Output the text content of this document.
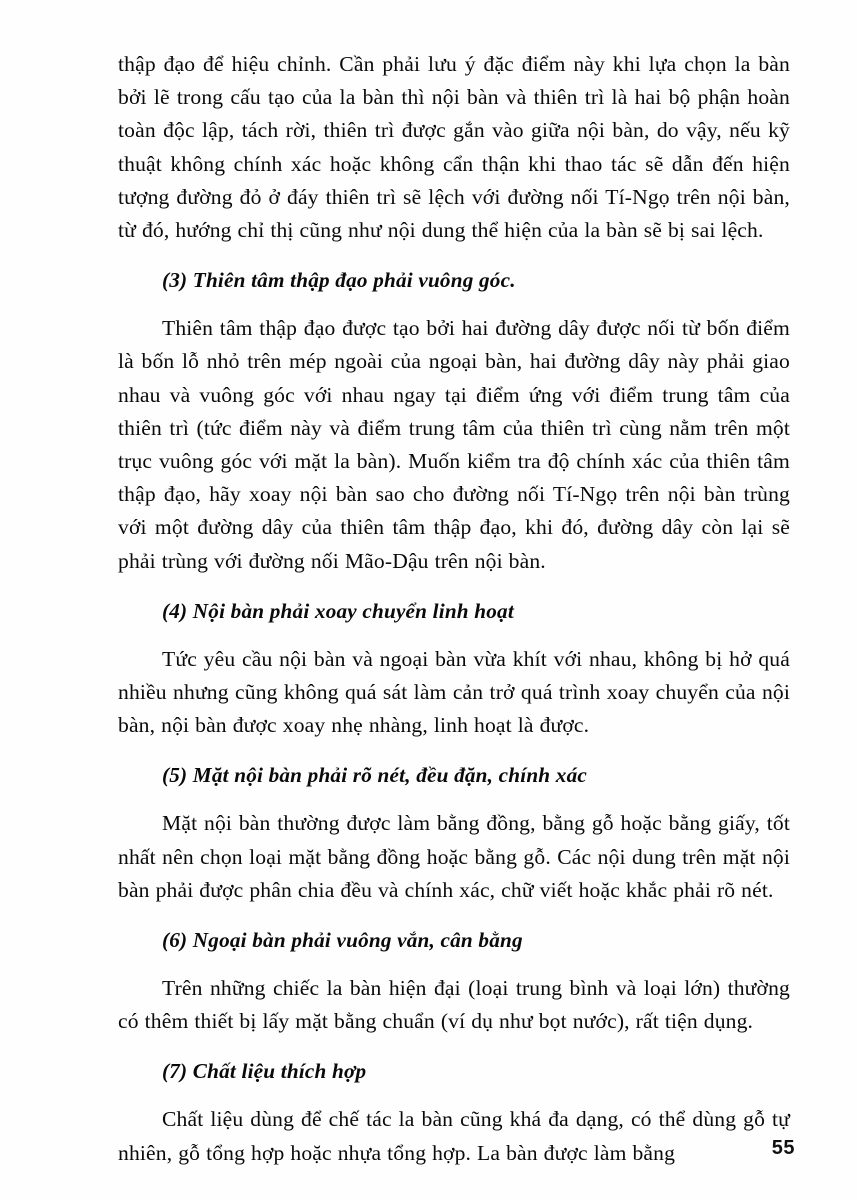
thập đạo để hiệu chỉnh. Cần phải lưu ý đặc điểm này khi lựa chọn la bàn bởi lẽ trong cấu tạo của la bàn thì nội bàn và thiên trì là hai bộ phận hoàn toàn độc lập, tách rời, thiên trì được gắn vào giữa nội bàn, do vậy, nếu kỹ thuật không chính xác hoặc không cẩn thận khi thao tác sẽ dẫn đến hiện tượng đường đỏ ở đáy thiên trì sẽ lệch với đường nối Tí-Ngọ trên nội bàn, từ đó, hướng chỉ thị cũng như nội dung thể hiện của la bàn sẽ bị sai lệch.

(3) Thiên tâm thập đạo phải vuông góc.

Thiên tâm thập đạo được tạo bởi hai đường dây được nối từ bốn điểm là bốn lỗ nhỏ trên mép ngoài của ngoại bàn, hai đường dây này phải giao nhau và vuông góc với nhau ngay tại điểm ứng với điểm trung tâm của thiên trì (tức điểm này và điểm trung tâm của thiên trì cùng nằm trên một trục vuông góc với mặt la bàn). Muốn kiểm tra độ chính xác của thiên tâm thập đạo, hãy xoay nội bàn sao cho đường nối Tí-Ngọ trên nội bàn trùng với một đường dây của thiên tâm thập đạo, khi đó, đường dây còn lại sẽ phải trùng với đường nối Mão-Dậu trên nội bàn.

(4) Nội bàn phải xoay chuyển linh hoạt

Tức yêu cầu nội bàn và ngoại bàn vừa khít với nhau, không bị hở quá nhiều nhưng cũng không quá sát làm cản trở quá trình xoay chuyển của nội bàn, nội bàn được xoay nhẹ nhàng, linh hoạt là được.

(5) Mặt nội bàn phải rõ nét, đều đặn, chính xác

Mặt nội bàn thường được làm bằng đồng, bằng gỗ hoặc bằng giấy, tốt nhất nên chọn loại mặt bằng đồng hoặc bằng gỗ. Các nội dung trên mặt nội bàn phải được phân chia đều và chính xác, chữ viết hoặc khắc phải rõ nét.

(6) Ngoại bàn phải vuông vắn, cân bằng

Trên những chiếc la bàn hiện đại (loại trung bình và loại lớn) thường có thêm thiết bị lấy mặt bằng chuẩn (ví dụ như bọt nước), rất tiện dụng.

(7) Chất liệu thích hợp

Chất liệu dùng để chế tác la bàn cũng khá đa dạng, có thể dùng gỗ tự nhiên, gỗ tổng hợp hoặc nhựa tổng hợp. La bàn được làm bằng	55
